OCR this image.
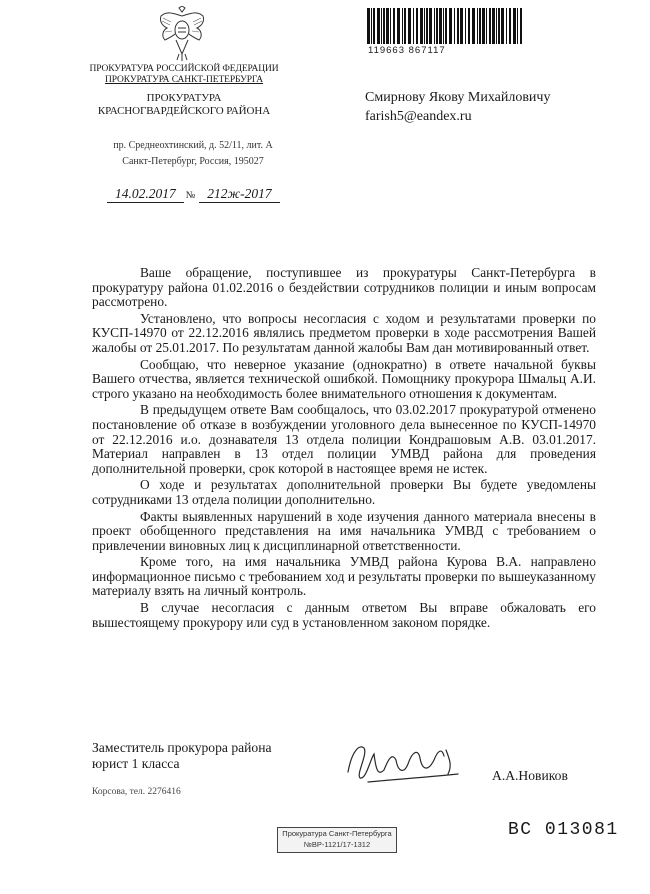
ПРОКУРАТУРА РОССИЙСКОЙ ФЕДЕРАЦИИ
ПРОКУРАТУРА САНКТ-ПЕТЕРБУРГА
ПРОКУРАТУРА
КРАСНОГВАРДЕЙСКОГО РАЙОНА
пр. Среднеохтинский, д. 52/11, лит. А
Санкт-Петербург, Россия, 195027
14.02.2017 № 212ж-2017
119663 867117
Смирнову Якову Михайловичу
farish5@eandex.ru

Ваше обращение, поступившее из прокуратуры Санкт-Петербурга в прокуратуру района 01.02.2016 о бездействии сотрудников полиции и иным вопросам рассмотрено.

Установлено, что вопросы несогласия с ходом и результатами проверки по КУСП-14970 от 22.12.2016 являлись предметом проверки в ходе рассмотрения Вашей жалобы от 25.01.2017. По результатам данной жалобы Вам дан мотивированный ответ.

Сообщаю, что неверное указание (однократно) в ответе начальной буквы Вашего отчества, является технической ошибкой. Помощнику прокурора Шмальц А.И. строго указано на необходимость более внимательного отношения к документам.

В предыдущем ответе Вам сообщалось, что 03.02.2017 прокуратурой отменено постановление об отказе в возбуждении уголовного дела вынесенное по КУСП-14970 от 22.12.2016 и.о. дознавателя 13 отдела полиции Кондрашовым А.В. 03.01.2017. Материал направлен в 13 отдел полиции УМВД района для проведения дополнительной проверки, срок которой в настоящее время не истек.

О ходе и результатах дополнительной проверки Вы будете уведомлены сотрудниками 13 отдела полиции дополнительно.

Факты выявленных нарушений в ходе изучения данного материала внесены в проект обобщенного представления на имя начальника УМВД с требованием о привлечении виновных лиц к дисциплинарной ответственности.

Кроме того, на имя начальника УМВД района Курова В.А. направлено информационное письмо с требованием ход и результаты проверки по вышеуказанному материалу взять на личный контроль.

В случае несогласия с данным ответом Вы вправе обжаловать его вышестоящему прокурору или суд в установленном законом порядке.

Заместитель прокурора района
юрист 1 класса
А.А.Новиков
Корсова, тел. 2276416
Прокуратура Санкт-Петербурга
№ВР-1121/17-1312
ВС 013081
